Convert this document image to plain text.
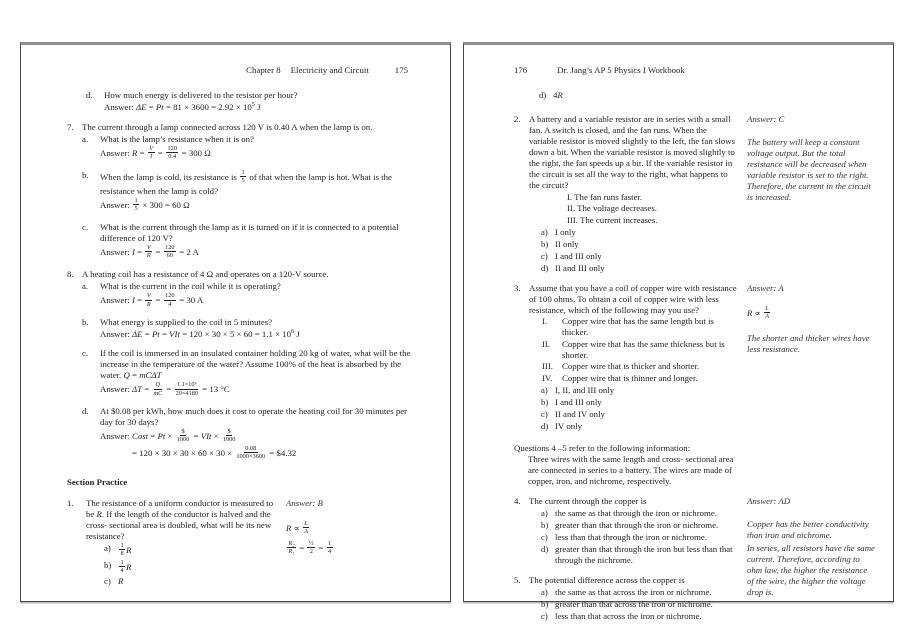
Chapter 8 Electricity and Circuit	175
d.	How much energy is delivered to the resistor per hour?
Answer: $\Delta E = Pt = 81 \times 3600 = 2.92 \times 10^5$ J
7. The current through a lamp connected across 120 V is 0.40 A when the lamp is on.
a.	What is the lamp’s resistance when it is on?
Answer: $R = \frac{V}{I} = \frac{120}{0.4} = 300$ Ω
b.	When the lamp is cold, its resistance is $\frac{1}{5}$ of that when the lamp is hot. What is the resistance when the lamp is cold?
Answer: $\frac{1}{5} \times 300 = 60$ Ω
c.	What is the current through the lamp as it is turned on if it is connected to a potential difference of 120 V?
Answer: $I = \frac{V}{R} = \frac{120}{60} = 2$ A
8. A heating coil has a resistance of 4 Ω and operates on a 120-V source.
a.	What is the current in the coil while it is operating?
Answer: $I = \frac{V}{R} = \frac{120}{4} = 30$ A
b.	What energy is supplied to the coil in 5 minutes?
Answer: ΔE = Pt = VIt = $120 \times 30 \times 5 \times 60 = 1.1 \times 10^6$ J
c.	If the coil is immersed in an insulated container holding 20 kg of water, what will be the increase in the temperature of the water? Assume 100% of the heat is absorbed by the water. Q = mCΔT
Answer: $\Delta T = \frac{Q}{mC} = \frac{\text{1.1×10⁶}}{20\times 4180} = 13$ °C
d.	At $0.08 per kWh, how much does it cost to operate the heating coil for 30 minutes per day for 30 days?
Answer: Cost = $Pt \times \frac{\$}{1000}$ = VIt × $\frac{\$}{1000}$
= $120 \times 30 \times 30 \times 60 \times 30 \times \frac{0.08}{1000\times 3600}$ = $4.32
Section Practice
1.	The resistance of a uniform conductor is measured to be R. If the length of the conductor is halved and the cross- sectional area is doubled, what will be its new resistance?
a)	$\frac{1}{8}$ R
b)	$\frac{1}{4}$ R
c) R
Answer: B
$R \propto \frac{L}{A}$
$\frac{\text{R₂}}{\text{R₁}} = \frac{\text{½}}{2} = \frac{1}{4}$
176	Dr. Jang’s AP 5 Physics I Workbook
d) 4R
2. A battery and a variable resistor are in series with a small fan. A switch is closed, and the fan runs. When the variable resistor is moved slightly to the left, the fan slows down a bit. When the variable resistor is moved slightly to the right, the fan speeds up a bit. If the variable resistor in the circuit is set all the way to the right, what happens to the circuit?
I. The fan runs faster.
II. The voltage decreases.
III. The current increases.
a) I only
b) II only
c) I and III only
d) II and III only
Answer: C
The battery will keep a constant voltage output. But the total resistance will be decreased when variable resistor is set to the right. Therefore, the current in the circuit is increased.
3. Assume that you have a coil of copper wire with resistance of 100 ohms. To obtain a coil of copper wire with less resistance, which of the following may you use?
I.	Copper wire that has the same length but is thicker.
II.	Copper wire that has the same thickness but is shorter.
III.	Copper wire that is thicker and shorter.
IV.	Copper wire that is thinner and longer.
a) I, II, and III only
b) I and III only
c) II and IV only
d) IV only
Answer: A
$R \propto \frac{L}{A}$
The shorter and thicker wires have less resistance.
Questions 4 –5 refer to the following information:
Three wires with the same length and cross- sectional area are connected in series to a battery. The wires are made of copper, iron, and nichrome, respectively.
4. The current through the copper is
a) the same as that through the iron or nichrome.
b) greater than that through the iron or nichrome.
c) less than that through the iron or nichrome.
d) greater than that through the iron but less than that through the nichrome.
5. The potential difference across the copper is
a) the same as that across the iron or nichrome.
b) greater than that across the iron or nichrome.
c) less than that across the iron or nichrome.
Answer: AD
Copper has the better conductivity than iron and nichrome.
In series, all resistors have the same current. Therefore, according to ohm law, the higher the resistance of the wire, the higher the voltage drop is.
